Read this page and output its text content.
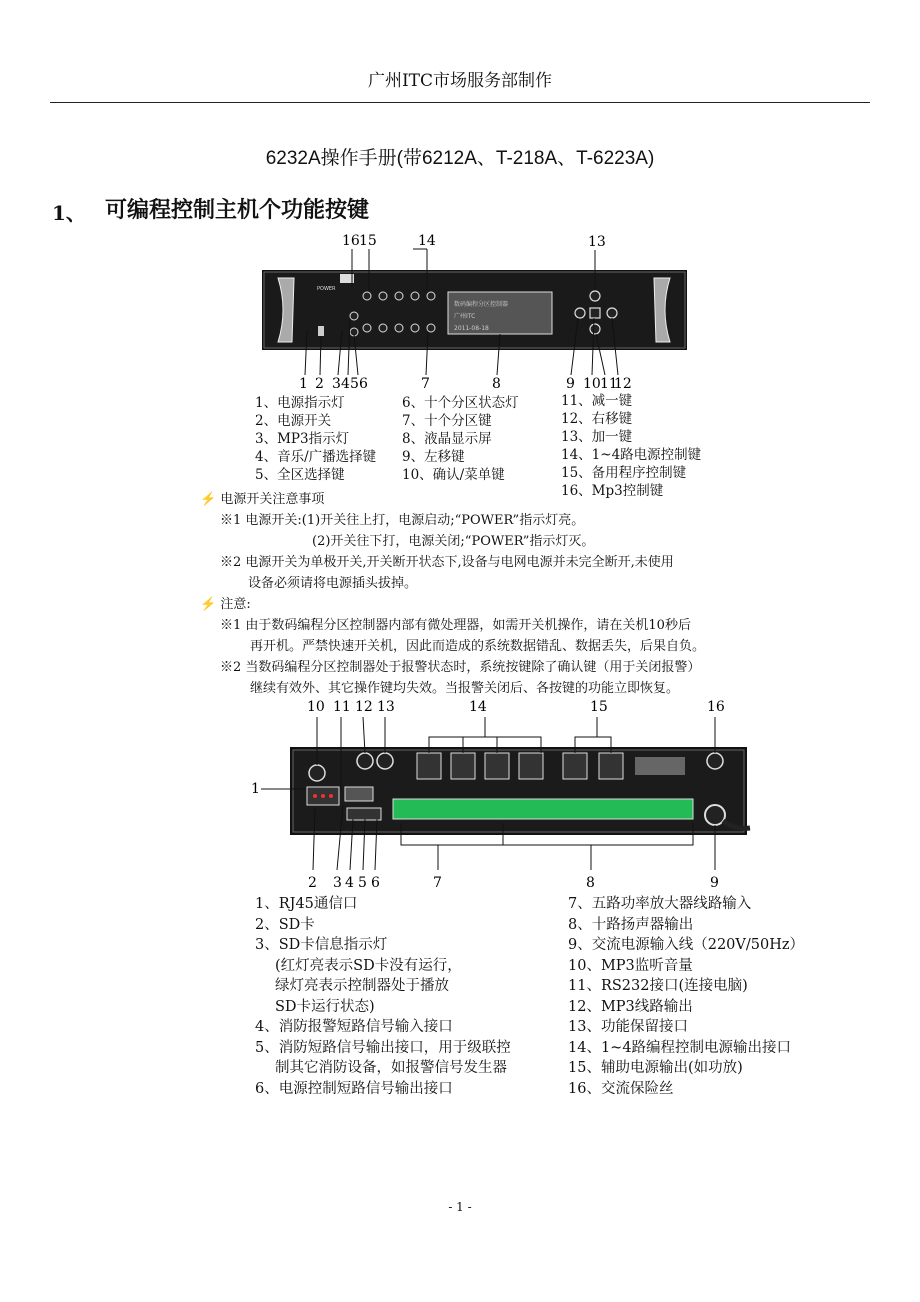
广州ITC市场服务部制作
6232A操作手册(带6212A、T-218A、T-6223A)
1、 可编程控制主机个功能按键
16 15	14	13
POWER
数码编程分区控制器
广州ITC
2011-08-18
1 2 3 4 5 6	7	8	9 10 11
12
1、电源指示灯
2、电源开关
3、MP3指示灯
4、音乐/广播选择键
5、全区选择键
6、十个分区状态灯
7、十个分区键
8、液晶显示屏
9、左移键
10、确认/菜单键
11、减一键
12、右移键
13、加一键
14、1~4路电源控制键
15、备用程序控制键
16、Mp3控制键
⚡ 电源开关注意事项
※1 电源开关:(1)开关往上打，电源启动;“POWER”指示灯亮。
(2)开关往下打，电源关闭;“POWER”指示灯灭。
※2 电源开关为单极开关,开关断开状态下,设备与电网电源并未完全断开,未使用
设备必须请将电源插头拔掉。
⚡ 注意:
※1 由于数码编程分区控制器内部有微处理器，如需开关机操作，请在关机10秒后
再开机。严禁快速开关机，因此而造成的系统数据错乱、数据丢失，后果自负。
※2 当数码编程分区控制器处于报警状态时，系统按键除了确认键（用于关闭报警）
继续有效外、其它操作键均失效。当报警关闭后、各按键的功能立即恢复。
10 11 12 13	14	15	16
1
2 3 4 5 6	7	8	9
1、RJ45通信口
2、SD卡
3、SD卡信息指示灯
(红灯亮表示SD卡没有运行，
绿灯亮表示控制器处于播放
SD卡运行状态)
4、消防报警短路信号输入接口
5、消防短路信号输出接口，用于级联控
制其它消防设备，如报警信号发生器
6、电源控制短路信号输出接口
7、五路功率放大器线路输入
8、十路扬声器输出
9、交流电源输入线（220V/50Hz）
10、MP3监听音量
11、RS232接口(连接电脑)
12、MP3线路输出
13、功能保留接口
14、1~4路编程控制电源输出接口
15、辅助电源输出(如功放)
16、交流保险丝
- 1 -
